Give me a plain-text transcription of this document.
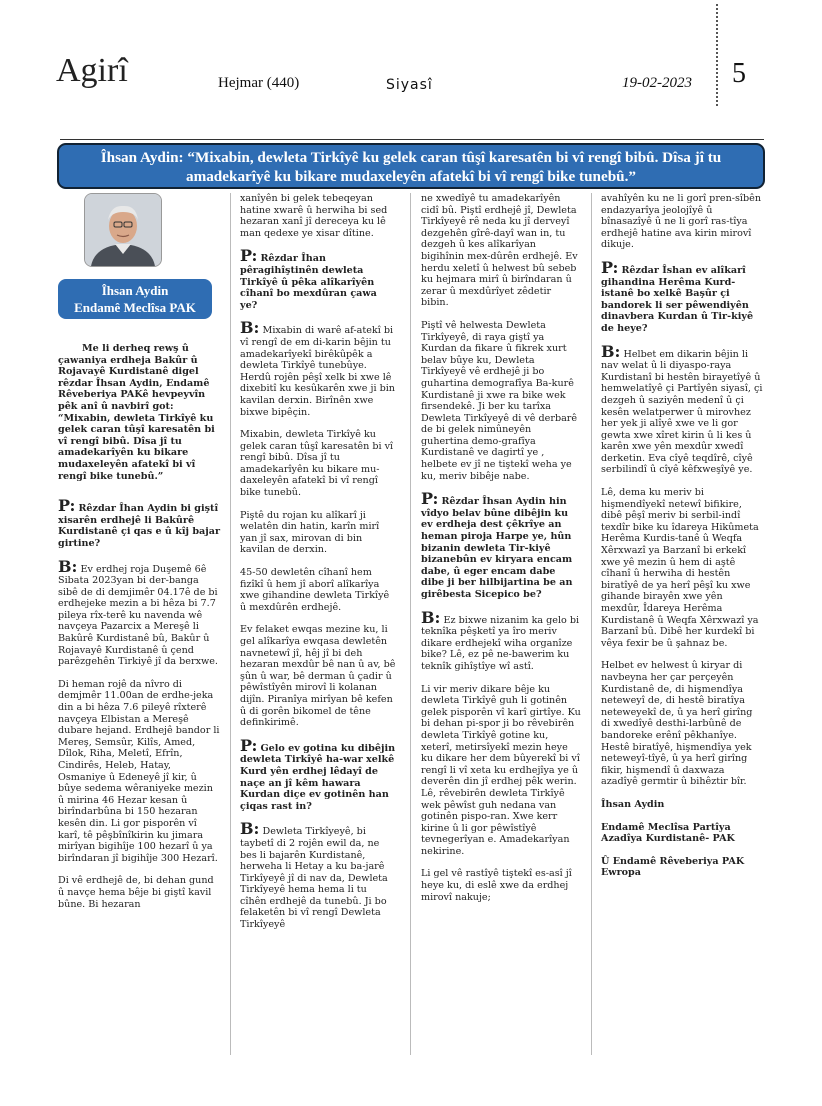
Agirî	Hejmar (440)	Siyasî	19-02-2023 5
Îhsan Aydin: “Mixabin, dewleta Tirkîyê ku gelek caran tûşî karesatên bi vî rengî bibû. Dîsa jî tu amadekarîyê ku bikare mudaxeleyên afatekî bi vî rengî bike tunebû.”
Îhsan Aydin
Endamê Meclîsa PAK

Me li derheq rewş û çawaniya erdheja Bakûr û Rojavayê Kurdistanê digel rêzdar Îhsan Aydin, Endamê Rêveberiya PAKê hevpeyvîn pêk anî û navbirî got: “Mixabin, dewleta Tirkîyê ku gelek caran tûşî karesatên bi vî rengî bibû. Dîsa jî tu amadekarîyên ku bikare mudaxeleyên afatekî bi vî rengî bike tunebû.”

P: Rêzdar Îhan Aydin bi giştî xisarên erdhejê li Bakûrê Kurdistanê çi qas e û kîj bajar girtine?

B: Ev erdhej roja Duşemê 6ê Sibata 2023yan bi der-banga sibê de di demjimêr 04.17ê de bi erdhejeke mezin a bi hêza bi 7.7 pileya rîx-terê ku navenda wê navçeya Pazarcix a Mereşê li Bakûrê Kurdistanê bû, Bakûr û Rojavayê Kurdistanê û çend parêzgehên Tirkiyê jî da berxwe.

Di heman rojê da nîvro di demjmêr 11.00an de erdhe-jeka din a bi hêza 7.6 pileyê rîxterê navçeya Elbistan a Mereşê dubare hejand. Erdhejê bandor li Mereş, Semsûr, Kilîs, Amed, Dîlok, Riha, Meletî, Efrîn, Cindirês, Heleb, Hatay, Osmaniye û Edeneyê jî kir, û bûye sedema wêraniyeke mezin û mirina 46 Hezar kesan û birîndarbûna bi 150 hezaran kesên din. Li gor pisporên vî karî, tê pêşbînîkirin ku jimara mirîyan bigihîje 100 hezarî û ya birîndaran jî bigihîje 300 Hezarî.

Di vê erdhejê de, bi dehan gund û navçe hema bêje bi giştî kavil bûne. Bi hezaran

xanîyên bi gelek tebeqeyan hatine xwarê û herwiha bi sed hezaran xanî jî dereceya ku lê man qedexe ye xisar dîtine.

P: Rêzdar Îhan pêragihîştinên dewleta Tirkîyê û pêka alîkarîyên cîhanî bo mexdûran çawa ye?

B: Mixabin di warê af-atekî bi vî rengî de em di-karin bêjin tu amadekarîyekî birêkûpêk a dewleta Tirkîyê tunebûye. Herdû rojên pêşî xelk bi xwe lê dixebitî ku kesûkarên xwe ji bin kavilan derxin. Birînên xwe bixwe bipêçin.

Mixabin, dewleta Tirkîyê ku gelek caran tûşî karesatên bi vî rengî bibû. Dîsa jî tu amadekarîyên ku bikare mu-daxeleyên afatekî bi vî rengî bike tunebû.

Piştê du rojan ku alîkarî ji welatên din hatin, karîn mirî yan jî sax, mirovan di bin kavilan de derxin.

45-50 dewletên cîhanî hem fizîkî û hem jî aborî alîkarîya xwe gihandine dewleta Tirkîyê û mexdûrên erdhejê.

Ev felaket ewqas mezine ku, li gel alîkarîya ewqasa dewletên navnetewî jî, hêj jî bi deh hezaran mexdûr bê nan û av, bê şûn û war, bê derman û çadir û pêwîstîyên mirovî li kolanan dijîn. Piranîya mirîyan bê kefen û di gorên bikomel de têne definkirimê.

P: Gelo ev gotina ku dibêjin dewleta Tirkîyê ha-war xelkê Kurd yên erdhej lêdayî de naçe an jî kêm hawara Kurdan diçe ev gotinên han çiqas rast in?

B: Dewleta Tirkîyeyê, bi taybetî di 2 rojên ewil da, ne bes li bajarên Kurdistanê, herweha li Hetay a ku ba-jarê Tirkîyeyê jî di nav da, Dewleta Tirkîyeyê hema hema li tu cîhên erdhejê da tunebû. Ji bo felaketên bi vî rengî Dewleta Tirkîyeyê

ne xwedîyê tu amadekarîyên cidî bû. Piştî erdhejê jî, Dewleta Tirkîyeyê rê neda ku jî derveyî dezgehên gîrê-dayî wan in, tu dezgeh û kes alîkarîyan bigihînin mex-dûrên erdhejê. Ev herdu xeletî û helwest bû sebeb ku hejmara mirî û birîndaran û zerar û mexdûrîyet zêdetir bibin.

Piştî vê helwesta Dewleta Tirkîyeyê, di raya giştî ya Kurdan da fikare û fikrek xurt belav bûye ku, Dewleta Tirkîyeyê vê erdhejê ji bo guhartina demografîya Ba-kurê Kurdistanê ji xwe ra bike wek firsendekê. Ji ber ku tarîxa Dewleta Tirkîyeyê di vê derbarê de bi gelek nimûneyên guhertina demo-grafîya Kurdistanê ve dagirtî ye , helbete ev jî ne tiştekî weha ye ku, meriv bibêje nabe.

P: Rêzdar Îhsan Aydin hin vîdyo belav bûne dibêjin ku ev erdheja dest çêkrîye an heman piroja Harpe ye, hûn bizanin dewleta Tir-kiyê bizanebûn ev kiryara encam dabe, û eger encam dabe dibe ji ber hilbijartina be an girêbesta Sicepico be?

B: Ez bixwe nizanim ka gelo bi teknîka pêşketî ya îro meriv dikare erdhejekî wiha organîze bike? Lê, ez pê ne-bawerim ku teknîk gihîştîye wî astî.

Li vir meriv dikare bêje ku dewleta Tirkîyê guh li gotinên gelek pisporên vî karî girtîye. Ku bi dehan pi-spor ji bo rêvebirên dewleta Tirkîyê gotine ku, xeterî, metirsîyekî mezin heye ku dikare her dem bûyerekî bi vî rengî li vî xeta ku erdhejîya ye û deverên din jî erdhej pêk werin. Lê, rêvebirên dewleta Tirkîyê wek pêwîst guh nedana van gotinên pispo-ran. Xwe kerr kirine û li gor pêwîstîyê tevnegerîyan e. Amadekarîyan nekirine.

Li gel vê rastîyê tiştekî es-asî jî heye ku, di eslê xwe da erdhej mirovî nakuje;

avahîyên ku ne li gorî pren-sîbên endazyarîya jeolojîyê û bînasazîyê û ne li gorî ras-tîya erdhejê hatine ava kirin mirovî dikuje.

P: Rêzdar Îshan ev alîkarî gihandina Herêma Kurd-istanê bo xelkê Başûr çi bandorek li ser pêwendiyên dinavbera Kurdan û Tir-kiyê de heye?

B: Helbet em dikarin bêjin li nav welat û li diyaspo-raya Kurdistanî bi hestên birayetîyê û hemwelatîyê çi Partîyên siyasî, çi dezgeh û saziyên medenî û çi kesên welatperwer û mirovhez her yek ji alîyê xwe ve li gor gewta xwe xîret kirin û li kes û karên xwe yên mexdûr xwedî derketin. Eva cîyê teqdîrê, cîyê serbilindî û cîyê kêfxweşîyê ye.

Lê, dema ku meriv bi hişmendîyekî netewî bifikire, dibê pêşî meriv bi serbil-indî texdîr bike ku îdareya Hikûmeta Herêma Kurdis-tanê û Weqfa Xêrxwazî ya Barzanî bi erkekî xwe yê mezin û hem di aştê cîhanî û herwiha di hestên biratîyê de ya herî pêşî ku xwe gihande birayên xwe yên mexdûr, Îdareya Herêma Kurdistanê û Weqfa Xêrxwazî ya Barzanî bû. Dibê her kurdekî bi vêya fexir be û şahnaz be.

Helbet ev helwest û kiryar di navbeyna her çar perçeyên Kurdistanê de, di hişmendîya neteweyî de, di hestê biratîya neteweyekî de, û ya herî girîng di xwedîyê desthi-larbûnê de bandoreke erênî pêkhanîye. Hestê biratîyê, hişmendîya yek neteweyî-tîyê, û ya herî girîng fikir, hişmendî û daxwaza azadîyê germtir û bihêztir bîr.

Îhsan Aydin

Endamê Meclîsa Partîya Azadîya Kurdistanê- PAK

Û Endamê Rêveberiya PAK Ewropa
